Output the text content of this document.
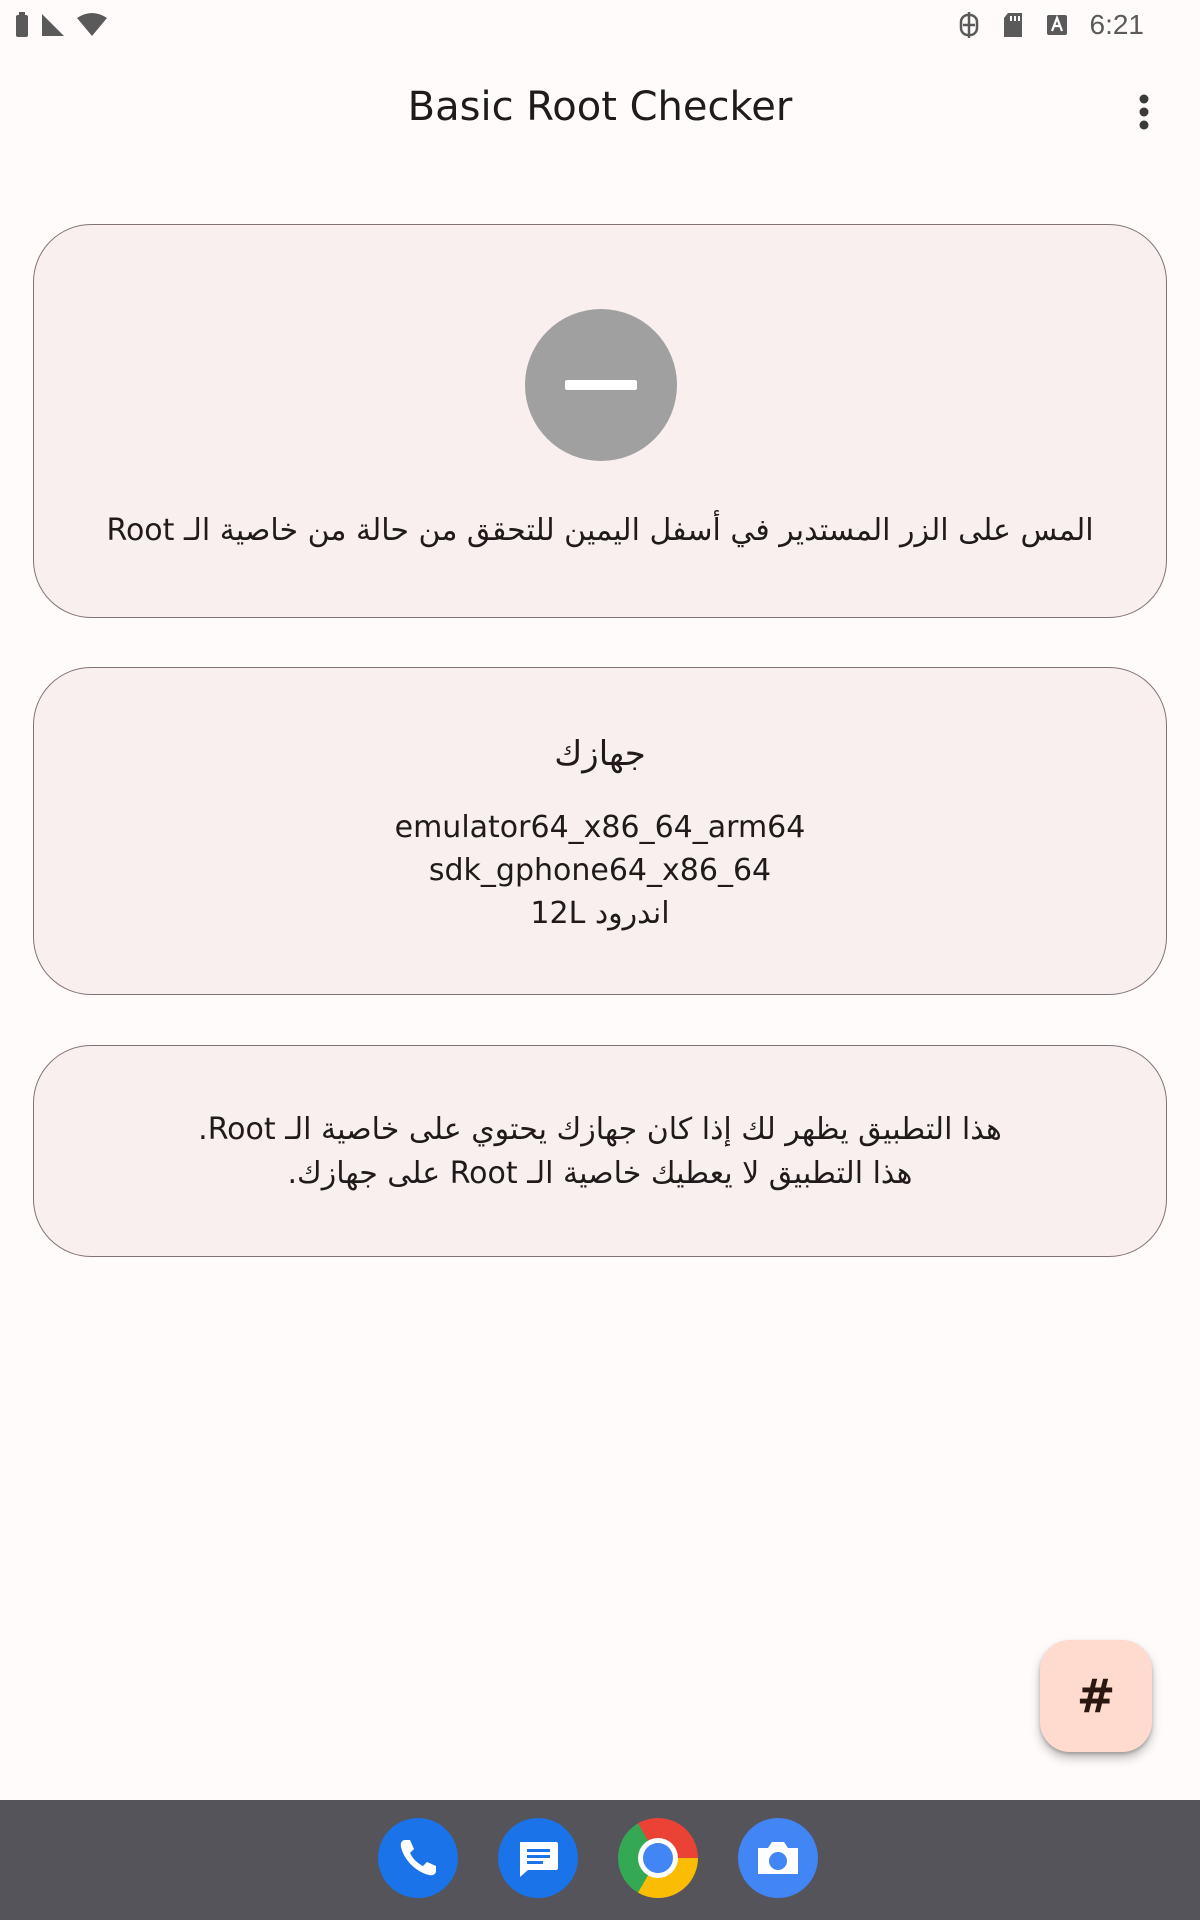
6:21
Basic Root Checker
المس على الزر المستدير في أسفل اليمين للتحقق من حالة من خاصية الـ Root
جهازك
emulator64_x86_64_arm64
sdk_gphone64_x86_64
اندرود 12L
هذا التطبيق يظهر لك إذا كان جهازك يحتوي على خاصية الـ Root.
هذا التطبيق لا يعطيك خاصية الـ Root على جهازك.
#
